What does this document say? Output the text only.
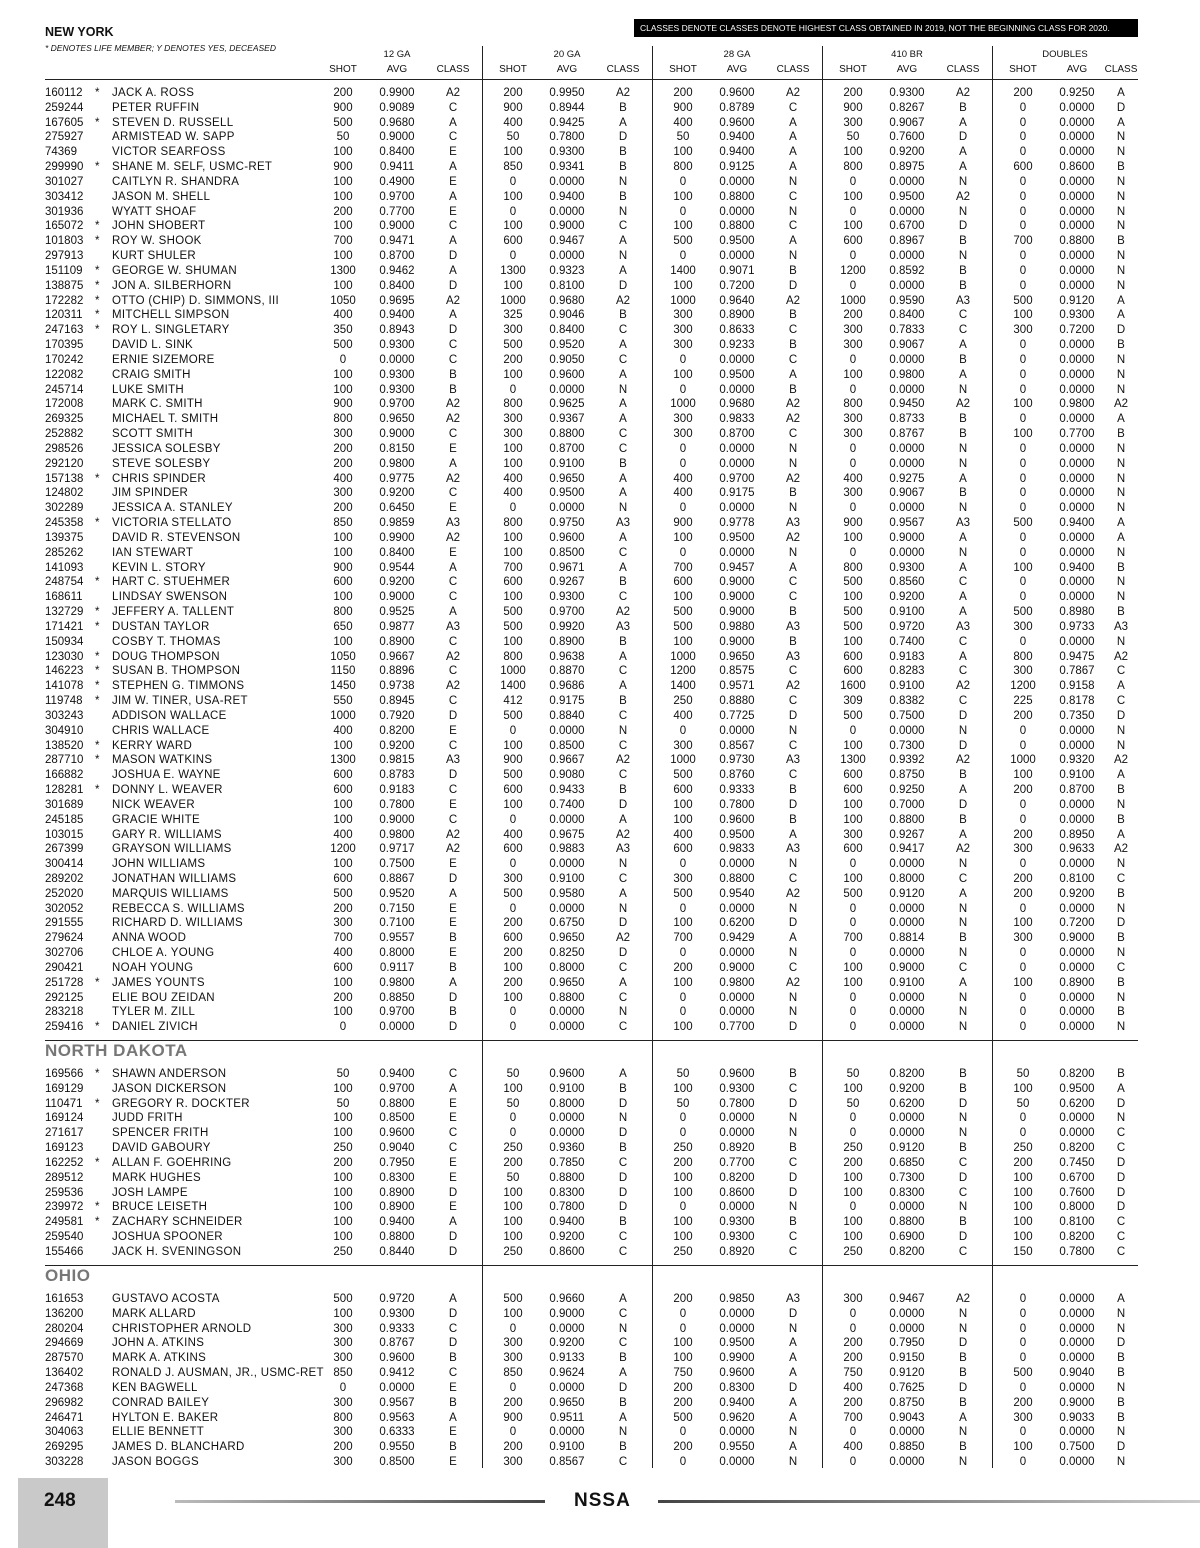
CLASSES DENOTE CLASSES DENOTE HIGHEST CLASS OBTAINED IN 2019, NOT THE BEGINNING CLASS FOR 2020.
NEW YORK
* DENOTES LIFE MEMBER; Y DENOTES YES, DECEASED
12 GA
SHOT	AVG	CLASS
20 GA
SHOT	AVG	CLASS
28 GA
SHOT	AVG	CLASS
410 BR
SHOT	AVG	CLASS
DOUBLES
SHOT	AVG	CLASS
160112 * JACK A. ROSS	200	0.9900	A2	200	0.9950	A2	200	0.9600	A2	200	0.9300	A2	200	0.9250	A
259244 PETER RUFFIN	900	0.9089	C	900	0.8944	B	900	0.8789	C	900	0.8267	B	0	0.0000	D
167605 * STEVEN D. RUSSELL	500	0.9680	A	400	0.9425	A	400	0.9600	A	300	0.9067	A	0	0.0000	A
275927 ARMISTEAD W. SAPP	50	0.9000	C	50	0.7800	D	50	0.9400	A	50	0.7600	D	0	0.0000	N
74369	VICTOR SEARFOSS	100	0.8400	E	100	0.9300	B	100	0.9400	A	100	0.9200	A	0	0.0000	N
299990 * SHANE M. SELF, USMC-RET	900	0.9411	A	850	0.9341	B	800	0.9125	A	800	0.8975	A	600	0.8600	B
301027 CAITLYN R. SHANDRA	100	0.4900	E	0	0.0000	N	0	0.0000	N	0	0.0000	N	0	0.0000	N
303412 JASON M. SHELL	100	0.9700	A	100	0.9400	B	100	0.8800	C	100	0.9500	A2	0	0.0000	N
301936 WYATT SHOAF	200	0.7700	E	0	0.0000	N	0	0.0000	N	0	0.0000	N	0	0.0000	N
165072 * JOHN SHOBERT	100	0.9000	C	100	0.9000	C	100	0.8800	C	100	0.6700	D	0	0.0000	N
101803 * ROY W. SHOOK	700	0.9471	A	600	0.9467	A	500	0.9500	A	600	0.8967	B	700	0.8800	B
297913 KURT SHULER	100	0.8700	D	0	0.0000	N	0	0.0000	N	0	0.0000	N	0	0.0000	N
151109 * GEORGE W. SHUMAN	1300	0.9462	A	1300	0.9323	A	1400	0.9071	B	1200	0.8592	B	0	0.0000	N
138875 * JON A. SILBERHORN	100	0.8400	D	100	0.8100	D	100	0.7200	D	0	0.0000	B	0	0.0000	N
172282 * OTTO (CHIP) D. SIMMONS, III	1050	0.9695	A2	1000	0.9680	A2	1000	0.9640	A2	1000	0.9590	A3	500	0.9120	A
120311 * MITCHELL SIMPSON	400	0.9400	A	325	0.9046	B	300	0.8900	B	200	0.8400	C	100	0.9300	A
247163 * ROY L. SINGLETARY	350	0.8943	D	300	0.8400	C	300	0.8633	C	300	0.7833	C	300	0.7200	D
170395 DAVID L. SINK	500	0.9300	C	500	0.9520	A	300	0.9233	B	300	0.9067	A	0	0.0000	B
170242 ERNIE SIZEMORE	0	0.0000	C	200	0.9050	C	0	0.0000	C	0	0.0000	B	0	0.0000	N
122082 CRAIG SMITH	100	0.9300	B	100	0.9600	A	100	0.9500	A	100	0.9800	A	0	0.0000	N
245714 LUKE SMITH	100	0.9300	B	0	0.0000	N	0	0.0000	B	0	0.0000	N	0	0.0000	N
172008 MARK C. SMITH	900	0.9700	A2	800	0.9625	A	1000	0.9680	A2	800	0.9450	A2	100	0.9800	A2
269325 MICHAEL T. SMITH	800	0.9650	A2	300	0.9367	A	300	0.9833	A2	300	0.8733	B	0	0.0000	A
252882 SCOTT SMITH	300	0.9000	C	300	0.8800	C	300	0.8700	C	300	0.8767	B	100	0.7700	B
298526 JESSICA SOLESBY	200	0.8150	E	100	0.8700	C	0	0.0000	N	0	0.0000	N	0	0.0000	N
292120 STEVE SOLESBY	200	0.9800	A	100	0.9100	B	0	0.0000	N	0	0.0000	N	0	0.0000	N
157138 * CHRIS SPINDER	400	0.9775	A2	400	0.9650	A	400	0.9700	A2	400	0.9275	A	0	0.0000	N
124802 JIM SPINDER	300	0.9200	C	400	0.9500	A	400	0.9175	B	300	0.9067	B	0	0.0000	N
302289 JESSICA A. STANLEY	200	0.6450	E	0	0.0000	N	0	0.0000	N	0	0.0000	N	0	0.0000	N
245358 * VICTORIA STELLATO	850	0.9859	A3	800	0.9750	A3	900	0.9778	A3	900	0.9567	A3	500	0.9400	A
139375 DAVID R. STEVENSON	100	0.9900	A2	100	0.9600	A	100	0.9500	A2	100	0.9000	A	0	0.0000	A
285262 IAN STEWART	100	0.8400	E	100	0.8500	C	0	0.0000	N	0	0.0000	N	0	0.0000	N
141093 KEVIN L. STORY	900	0.9544	A	700	0.9671	A	700	0.9457	A	800	0.9300	A	100	0.9400	B
248754 * HART C. STUEHMER	600	0.9200	C	600	0.9267	B	600	0.9000	C	500	0.8560	C	0	0.0000	N
168611	LINDSAY SWENSON	100	0.9000	C	100	0.9300	C	100	0.9000	C	100	0.9200	A	0	0.0000	N
132729 * JEFFERY A. TALLENT	800	0.9525	A	500	0.9700	A2	500	0.9000	B	500	0.9100	A	500	0.8980	B
171421 * DUSTAN TAYLOR	650	0.9877	A3	500	0.9920	A3	500	0.9880	A3	500	0.9720	A3	300	0.9733	A3
150934 COSBY T. THOMAS	100	0.8900	C	100	0.8900	B	100	0.9000	B	100	0.7400	C	0	0.0000	N
123030 * DOUG THOMPSON	1050	0.9667	A2	800	0.9638	A	1000	0.9650	A3	600	0.9183	A	800	0.9475	A2
146223 * SUSAN B. THOMPSON	1150	0.8896	C	1000	0.8870	C	1200	0.8575	C	600	0.8283	C	300	0.7867	C
141078 * STEPHEN G. TIMMONS	1450	0.9738	A2	1400	0.9686	A	1400	0.9571	A2	1600	0.9100	A2	1200	0.9158	A
119748 * JIM W. TINER, USA-RET	550	0.8945	C	412	0.9175	B	250	0.8880	C	309	0.8382	C	225	0.8178	C
303243 ADDISON WALLACE	1000	0.7920	D	500	0.8840	C	400	0.7725	D	500	0.7500	D	200	0.7350	D
304910 CHRIS WALLACE	400	0.8200	E	0	0.0000	N	0	0.0000	N	0	0.0000	N	0	0.0000	N
138520 * KERRY WARD	100	0.9200	C	100	0.8500	C	300	0.8567	C	100	0.7300	D	0	0.0000	N
287710 * MASON WATKINS	1300	0.9815	A3	900	0.9667	A2	1000	0.9730	A3	1300	0.9392	A2	1000	0.9320	A2
166882 JOSHUA E. WAYNE	600	0.8783	D	500	0.9080	C	500	0.8760	C	600	0.8750	B	100	0.9100	A
128281 * DONNY L. WEAVER	600	0.9183	C	600	0.9433	B	600	0.9333	B	600	0.9250	A	200	0.8700	B
301689 NICK WEAVER	100	0.7800	E	100	0.7400	D	100	0.7800	D	100	0.7000	D	0	0.0000	N
245185 GRACIE WHITE	100	0.9000	C	0	0.0000	A	100	0.9600	B	100	0.8800	B	0	0.0000	B
103015 GARY R. WILLIAMS	400	0.9800	A2	400	0.9675	A2	400	0.9500	A	300	0.9267	A	200	0.8950	A
267399 GRAYSON WILLIAMS	1200	0.9717	A2	600	0.9883	A3	600	0.9833	A3	600	0.9417	A2	300	0.9633	A2
300414 JOHN WILLIAMS	100	0.7500	E	0	0.0000	N	0	0.0000	N	0	0.0000	N	0	0.0000	N
289202 JONATHAN WILLIAMS	600	0.8867	D	300	0.9100	C	300	0.8800	C	100	0.8000	C	200	0.8100	C
252020 MARQUIS WILLIAMS	500	0.9520	A	500	0.9580	A	500	0.9540	A2	500	0.9120	A	200	0.9200	B
302052 REBECCA S. WILLIAMS	200	0.7150	E	0	0.0000	N	0	0.0000	N	0	0.0000	N	0	0.0000	N
291555 RICHARD D. WILLIAMS	300	0.7100	E	200	0.6750	D	100	0.6200	D	0	0.0000	N	100	0.7200	D
279624 ANNA WOOD	700	0.9557	B	600	0.9650	A2	700	0.9429	A	700	0.8814	B	300	0.9000	B
302706 CHLOE A. YOUNG	400	0.8000	E	200	0.8250	D	0	0.0000	N	0	0.0000	N	0	0.0000	N
290421 NOAH YOUNG	600	0.9117	B	100	0.8000	C	200	0.9000	C	100	0.9000	C	0	0.0000	C
251728 * JAMES YOUNTS	100	0.9800	A	200	0.9650	A	100	0.9800	A2	100	0.9100	A	100	0.8900	B
292125 ELIE BOU ZEIDAN	200	0.8850	D	100	0.8800	C	0	0.0000	N	0	0.0000	N	0	0.0000	N
283218 TYLER M. ZILL	100	0.9700	B	0	0.0000	N	0	0.0000	N	0	0.0000	N	0	0.0000	B
259416 * DANIEL ZIVICH	0	0.0000	D	0	0.0000	C	100	0.7700	D	0	0.0000	N	0	0.0000	N
NORTH DAKOTA
169566 * SHAWN ANDERSON	50	0.9400	C	50	0.9600	A	50	0.9600	B	50	0.8200	B	50	0.8200	B
169129 JASON DICKERSON	100	0.9700	A	100	0.9100	B	100	0.9300	C	100	0.9200	B	100	0.9500	A
110471 * GREGORY R. DOCKTER	50	0.8800	E	50	0.8000	D	50	0.7800	D	50	0.6200	D	50	0.6200	D
169124 JUDD FRITH	100	0.8500	E	0	0.0000	N	0	0.0000	N	0	0.0000	N	0	0.0000	N
271617 SPENCER FRITH	100	0.9600	C	0	0.0000	D	0	0.0000	N	0	0.0000	N	0	0.0000	C
169123 DAVID GABOURY	250	0.9040	C	250	0.9360	B	250	0.8920	B	250	0.9120	B	250	0.8200	C
162252 * ALLAN F. GOEHRING	200	0.7950	E	200	0.7850	C	200	0.7700	C	200	0.6850	C	200	0.7450	D
289512 MARK HUGHES	100	0.8300	E	50	0.8800	D	100	0.8200	D	100	0.7300	D	100	0.6700	D
259536 JOSH LAMPE	100	0.8900	D	100	0.8300	D	100	0.8600	D	100	0.8300	C	100	0.7600	D
239972 * BRUCE LEISETH	100	0.8900	E	100	0.7800	D	0	0.0000	N	0	0.0000	N	100	0.8000	D
249581 * ZACHARY SCHNEIDER	100	0.9400	A	100	0.9400	B	100	0.9300	B	100	0.8800	B	100	0.8100	C
259540 JOSHUA SPOONER	100	0.8800	D	100	0.9200	C	100	0.9300	C	100	0.6900	D	100	0.8200	C
155466 JACK H. SVENINGSON	250	0.8440	D	250	0.8600	C	250	0.8920	C	250	0.8200	C	150	0.7800	C
OHIO
161653 GUSTAVO ACOSTA	500	0.9720	A	500	0.9660	A	200	0.9850	A3	300	0.9467	A2	0	0.0000	A
136200 MARK ALLARD	100	0.9300	D	100	0.9000	C	0	0.0000	D	0	0.0000	N	0	0.0000	N
280204 CHRISTOPHER ARNOLD	300	0.9333	C	0	0.0000	N	0	0.0000	N	0	0.0000	N	0	0.0000	N
294669 JOHN A. ATKINS	300	0.8767	D	300	0.9200	C	100	0.9500	A	200	0.7950	D	0	0.0000	D
287570 MARK A. ATKINS	300	0.9600	B	300	0.9133	B	100	0.9900	A	200	0.9150	B	0	0.0000	B
136402 RONALD J. AUSMAN, JR., USMC-RET 850	0.9412	C	850	0.9624	A	750	0.9600	A	750	0.9120	B	500	0.9040	B
247368 KEN BAGWELL	0	0.0000	E	0	0.0000	D	200	0.8300	D	400	0.7625	D	0	0.0000	N
296982 CONRAD BAILEY	300	0.9567	B	200	0.9650	B	200	0.9400	A	200	0.8750	B	200	0.9000	B
246471 HYLTON E. BAKER	800	0.9563	A	900	0.9511	A	500	0.9620	A	700	0.9043	A	300	0.9033	B
304063 ELLIE BENNETT	300	0.6333	E	0	0.0000	N	0	0.0000	N	0	0.0000	N	0	0.0000	N
269295 JAMES D. BLANCHARD	200	0.9550	B	200	0.9100	B	200	0.9550	A	400	0.8850	B	100	0.7500	D
303228 JASON BOGGS	300	0.8500	E	300	0.8567	C	0	0.0000	N	0	0.0000	N	0	0.0000	N
248	NSSA
